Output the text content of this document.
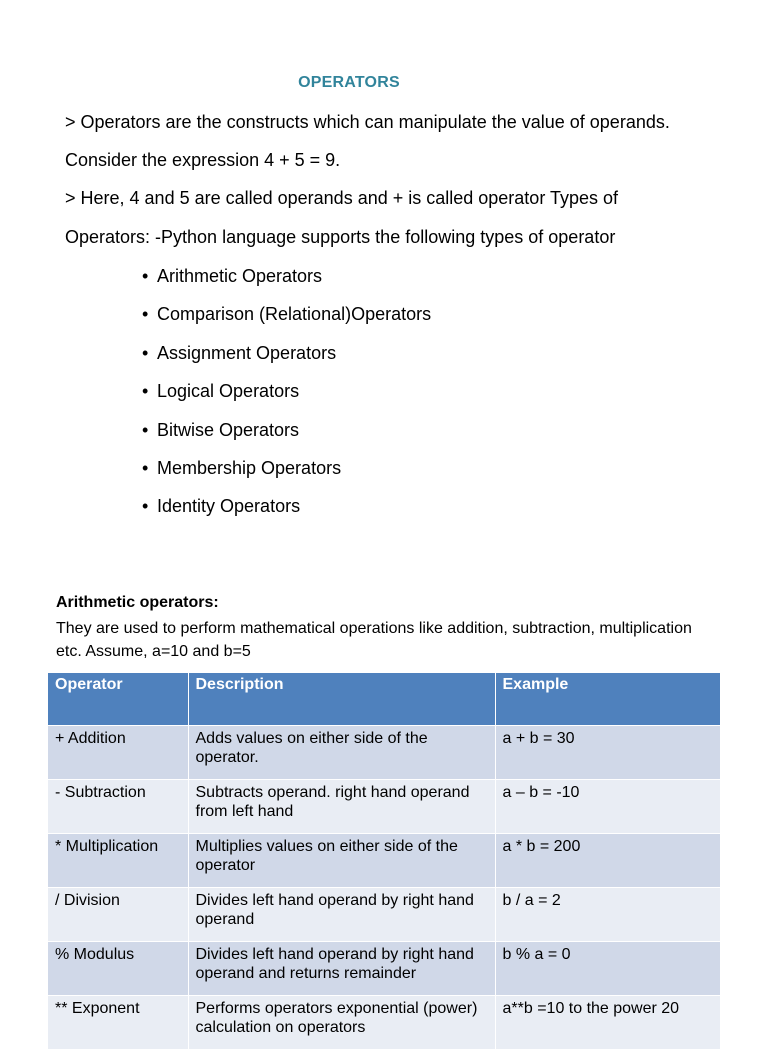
OPERATORS
> Operators are the constructs which can manipulate the value of operands.
Consider the expression 4 + 5 = 9.
> Here, 4 and 5 are called operands and + is called operator Types of
Operators: -Python language supports the following types of operator
• Arithmetic Operators
• Comparison (Relational)Operators
• Assignment Operators
• Logical Operators
• Bitwise Operators
• Membership Operators
• Identity Operators
Arithmetic operators:
They are used to perform mathematical operations like addition, subtraction, multiplication etc. Assume, a=10 and b=5
Operator	Description	Example
+ Addition	Adds values on either side of the operator.	a + b = 30
- Subtraction	Subtracts operand. right hand operand from left hand	a – b = -10
* Multiplication	Multiplies values on either side of the operator	a * b = 200
/ Division	Divides left hand operand by right hand operand	b / a = 2
% Modulus	Divides left hand operand by right hand operand and returns remainder	b % a = 0
** Exponent	Performs operators exponential (power) calculation on operators	a**b =10 to the power 20
